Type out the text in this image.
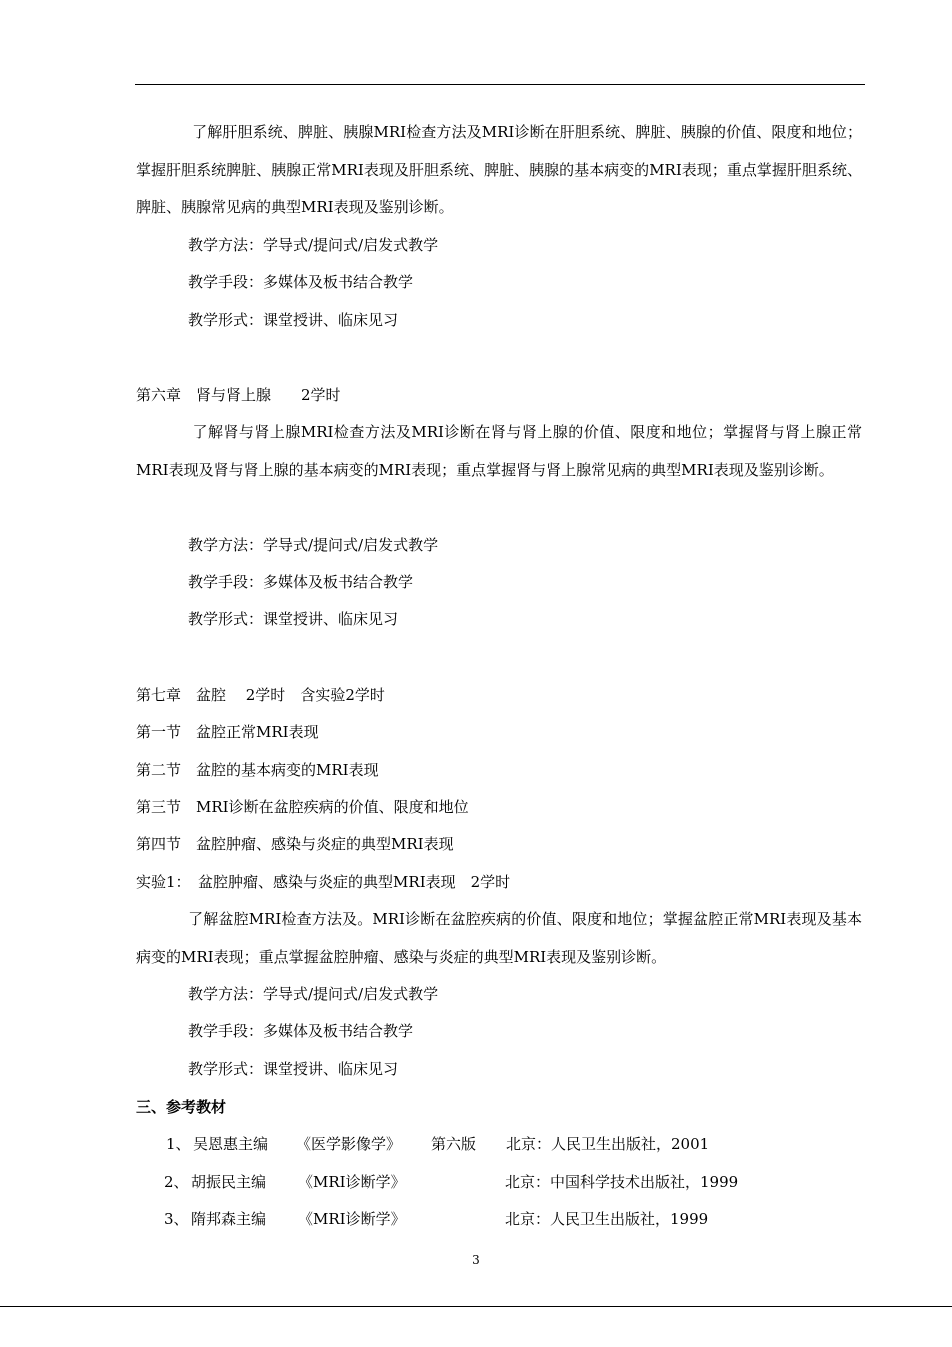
了解肝胆系统、脾脏、胰腺MRI检查方法及MRI诊断在肝胆系统、脾脏、胰腺的价值、限度和地位；掌握肝胆系统脾脏、胰腺正常MRI表现及肝胆系统、脾脏、胰腺的基本病变的MRI表现；重点掌握肝胆系统、脾脏、胰腺常见病的典型MRI表现及鉴别诊断。
教学方法：学导式/提问式/启发式教学
教学手段：多媒体及板书结合教学
教学形式：课堂授讲、临床见习
第六章　肾与肾上腺　　2学时
了解肾与肾上腺MRI检查方法及MRI诊断在肾与肾上腺的价值、限度和地位；掌握肾与肾上腺正常MRI表现及肾与肾上腺的基本病变的MRI表现；重点掌握肾与肾上腺常见病的典型MRI表现及鉴别诊断。
教学方法：学导式/提问式/启发式教学
教学手段：多媒体及板书结合教学
教学形式：课堂授讲、临床见习
第七章　盆腔　 2学时　含实验2学时
第一节　盆腔正常MRI表现
第二节　盆腔的基本病变的MRI表现
第三节　MRI诊断在盆腔疾病的价值、限度和地位
第四节　盆腔肿瘤、感染与炎症的典型MRI表现
实验1：　盆腔肿瘤、感染与炎症的典型MRI表现　2学时
了解盆腔MRI检查方法及。MRI诊断在盆腔疾病的价值、限度和地位；掌握盆腔正常MRI表现及基本病变的MRI表现；重点掌握盆腔肿瘤、感染与炎症的典型MRI表现及鉴别诊断。
教学方法：学导式/提问式/启发式教学
教学手段：多媒体及板书结合教学
教学形式：课堂授讲、临床见习
三、参考教材
1、 吴恩惠主编 《医学影像学》 第六版 北京：人民卫生出版社，2001
2、 胡振民主编 《MRI诊断学》	北京：中国科学技术出版社，1999
3、 隋邦森主编 《MRI诊断学》	北京：人民卫生出版社，1999
3
